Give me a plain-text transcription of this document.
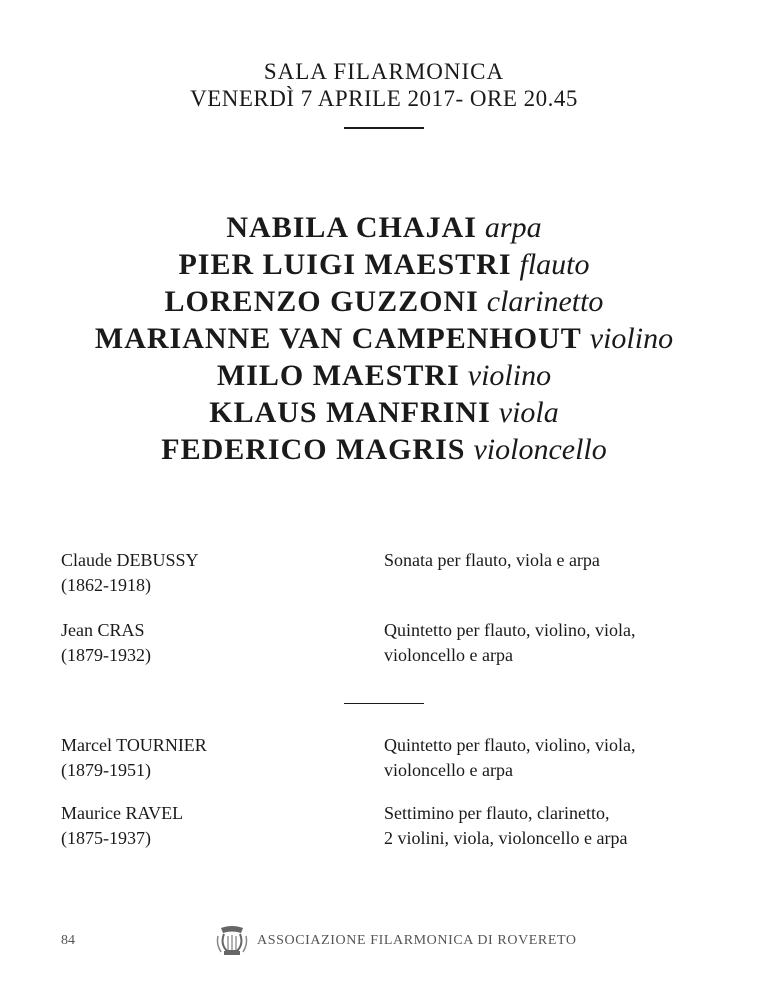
SALA FILARMONICA
VENERDÌ 7 APRILE 2017- ORE 20.45
NABILA CHAJAI arpa
PIER LUIGI MAESTRI flauto
LORENZO GUZZONI clarinetto
MARIANNE VAN CAMPENHOUT violino
MILO MAESTRI violino
KLAUS MANFRINI viola
FEDERICO MAGRIS violoncello
Claude DEBUSSY
(1862-1918)
Sonata per flauto, viola e arpa
Jean CRAS
(1879-1932)
Quintetto per flauto, violino, viola,
violoncello e arpa
Marcel TOURNIER
(1879-1951)
Quintetto per flauto, violino, viola,
violoncello e arpa
Maurice RAVEL
(1875-1937)
Settimino per flauto, clarinetto,
2 violini, viola, violoncello e arpa
84	ASSOCIAZIONE FILARMONICA DI ROVERETO
